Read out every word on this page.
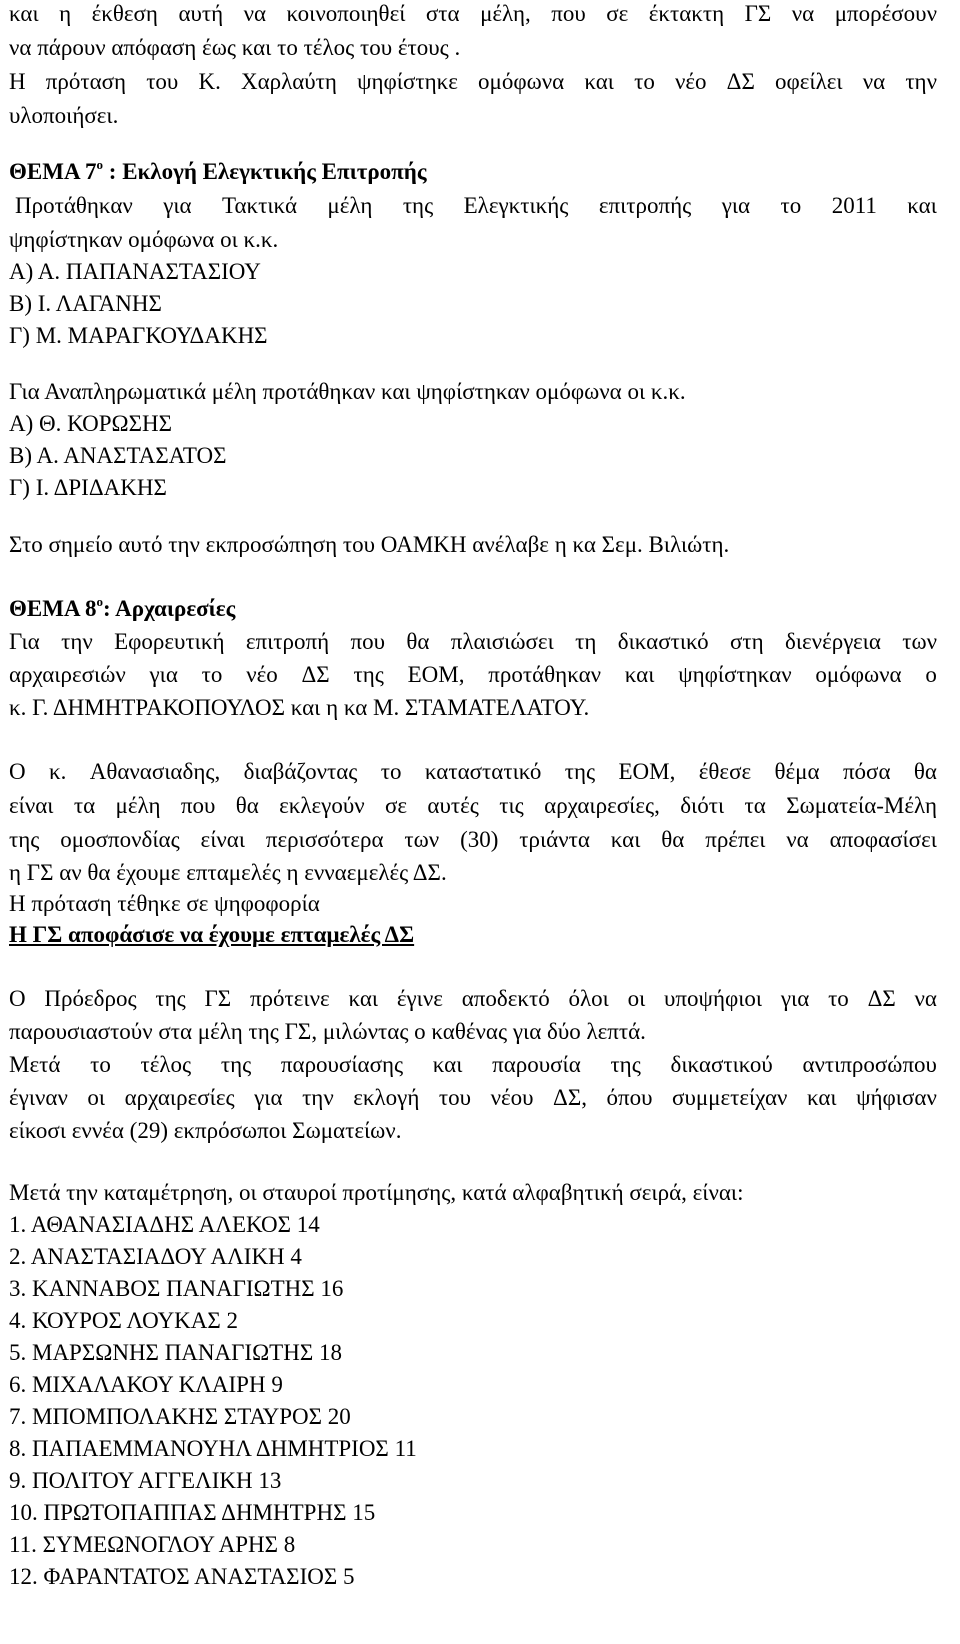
και η έκθεση αυτή να κοινοποιηθεί στα μέλη, που σε έκτακτη ΓΣ να μπορέσουν
να πάρουν απόφαση έως και το τέλος του έτους .
Η πρόταση του Κ. Χαρλαύτη ψηφίστηκε ομόφωνα και το νέο ΔΣ οφείλει να την
υλοποιήσει.
ΘΕΜΑ $7^o$ : Εκλογή Ελεγκτικής Επιτροπής
Προτάθηκαν για Τακτικά μέλη της Ελεγκτικής επιτροπής για το 2011 και
ψηφίστηκαν ομόφωνα οι κ.κ.
Α) Α. ΠΑΠΑΝΑΣΤΑΣΙΟΥ
Β) Ι. ΛΑΓΑΝΗΣ
Γ) Μ. ΜΑΡΑΓΚΟΥΔΑΚΗΣ
Για Αναπληρωματικά μέλη προτάθηκαν και ψηφίστηκαν ομόφωνα οι κ.κ.
Α) Θ. ΚΟΡΩΣΗΣ
Β) Α. ΑΝΑΣΤΑΣΑΤΟΣ
Γ) Ι. ΔΡΙΔΑΚΗΣ
Στο σημείο αυτό την εκπροσώπηση του ΟΑΜΚΗ ανέλαβε η κα Σεμ. Βιλιώτη.
ΘΕΜΑ $8^o$: Αρχαιρεσίες
Για την Εφορευτική επιτροπή που θα πλαισιώσει τη δικαστικό στη διενέργεια των
αρχαιρεσιών για το νέο ΔΣ της ΕΟΜ, προτάθηκαν και ψηφίστηκαν ομόφωνα ο
κ. Γ. ΔΗΜΗΤΡΑΚΟΠΟΥΛΟΣ και η κα Μ. ΣΤΑΜΑΤΕΛΑΤΟΥ.
Ο κ. Αθανασιαδης, διαβάζοντας το καταστατικό της ΕΟΜ, έθεσε θέμα πόσα θα
είναι τα μέλη που θα εκλεγούν σε αυτές τις αρχαιρεσίες, διότι τα Σωματεία-Μέλη
της ομοσπονδίας είναι περισσότερα των (30) τριάντα και θα πρέπει να αποφασίσει
η ΓΣ αν θα έχουμε επταμελές η ενναεμελές ΔΣ.
Η πρόταση τέθηκε σε ψηφοφορία
Η ΓΣ αποφάσισε να έχουμε επταμελές ΔΣ
Ο Πρόεδρος της ΓΣ πρότεινε και έγινε αποδεκτό όλοι οι υποψήφιοι για το ΔΣ να
παρουσιαστούν στα μέλη της ΓΣ, μιλώντας ο καθένας για δύο λεπτά.
Μετά το τέλος της παρουσίασης και παρουσία της δικαστικού αντιπροσώπου
έγιναν οι αρχαιρεσίες για την εκλογή του νέου ΔΣ, όπου συμμετείχαν και ψήφισαν
είκοσι εννέα (29) εκπρόσωποι Σωματείων.
Μετά την καταμέτρηση, οι σταυροί προτίμησης, κατά αλφαβητική σειρά, είναι:
1. ΑΘΑΝΑΣΙΑΔΗΣ ΑΛΕΚΟΣ 14
2. ΑΝΑΣΤΑΣΙΑΔΟΥ ΑΛΙΚΗ 4
3. ΚΑΝΝΑΒΟΣ ΠΑΝΑΓΙΩΤΗΣ 16
4. ΚΟΥΡΟΣ ΛΟΥΚΑΣ 2
5. ΜΑΡΣΩΝΗΣ ΠΑΝΑΓΙΩΤΗΣ 18
6. ΜΙΧΑΛΑΚΟΥ ΚΛΑΙΡΗ 9
7. ΜΠΟΜΠΟΛΑΚΗΣ ΣΤΑΥΡΟΣ 20
8. ΠΑΠΑΕΜΜΑΝΟΥΗΛ ΔΗΜΗΤΡΙΟΣ 11
9. ΠΟΛΙΤΟΥ ΑΓΓΕΛΙΚΗ 13
10. ΠΡΩΤΟΠΑΠΠΑΣ ΔΗΜΗΤΡΗΣ 15
11. ΣΥΜΕΩΝΟΓΛΟΥ ΑΡΗΣ 8
12. ΦΑΡΑΝΤΑΤΟΣ ΑΝΑΣΤΑΣΙΟΣ 5
